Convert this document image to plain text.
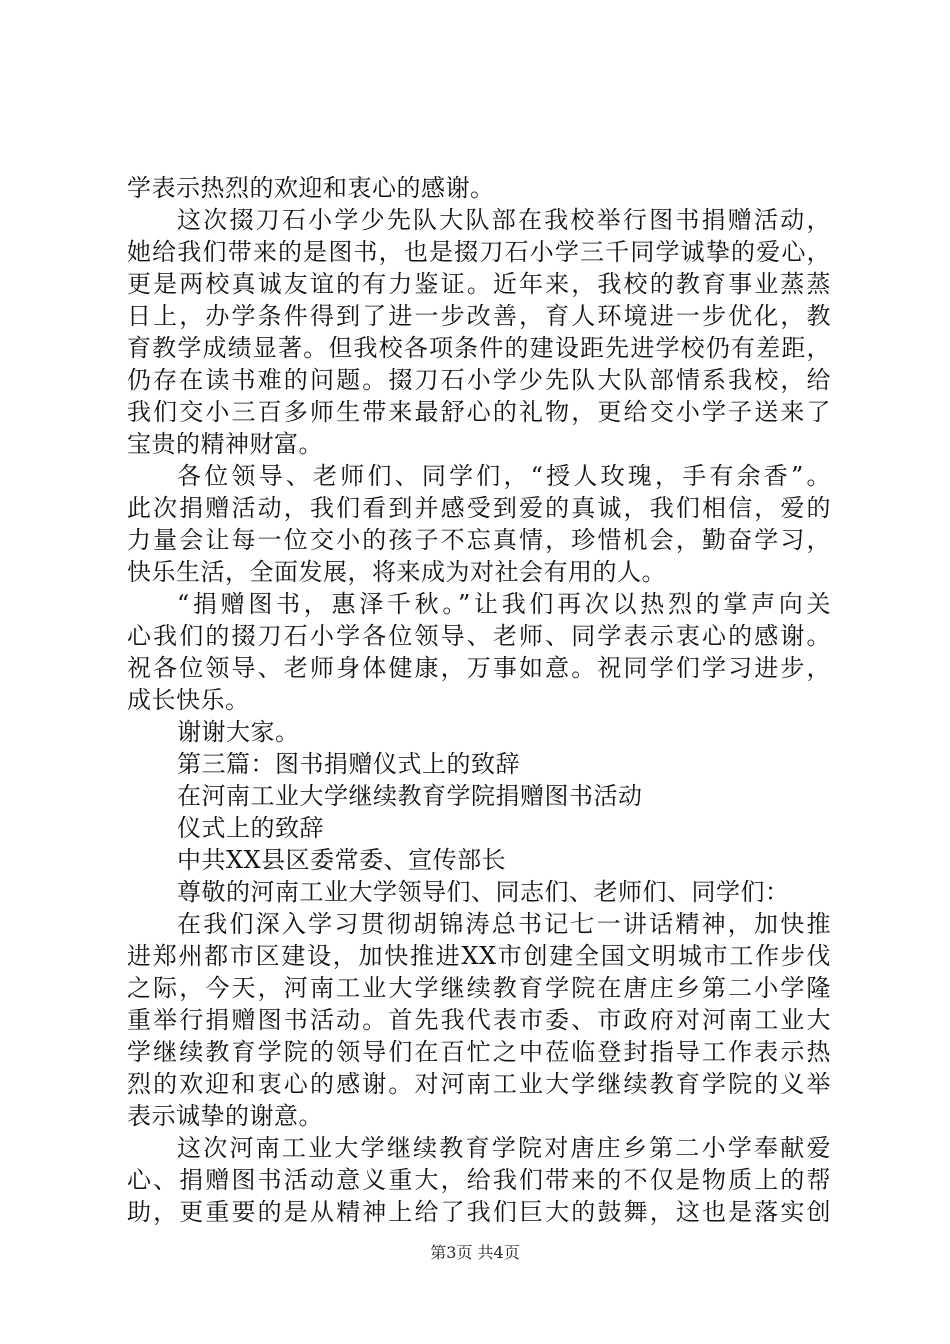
学表示热烈的欢迎和衷心的感谢。
这次掇刀石小学少先队大队部在我校举行图书捐赠活动，
她给我们带来的是图书，也是掇刀石小学三千同学诚挚的爱心，
更是两校真诚友谊的有力鉴证。近年来，我校的教育事业蒸蒸
日上，办学条件得到了进一步改善，育人环境进一步优化，教
育教学成绩显著。但我校各项条件的建设距先进学校仍有差距，
仍存在读书难的问题。掇刀石小学少先队大队部情系我校，给
我们交小三百多师生带来最舒心的礼物，更给交小学子送来了
宝贵的精神财富。
各位领导、老师们、同学们，“授人玫瑰，手有余香”。
此次捐赠活动，我们看到并感受到爱的真诚，我们相信，爱的
力量会让每一位交小的孩子不忘真情，珍惜机会，勤奋学习，
快乐生活，全面发展，将来成为对社会有用的人。
“捐赠图书，惠泽千秋。”让我们再次以热烈的掌声向关
心我们的掇刀石小学各位领导、老师、同学表示衷心的感谢。
祝各位领导、老师身体健康，万事如意。祝同学们学习进步，
成长快乐。
谢谢大家。
第三篇：图书捐赠仪式上的致辞
在河南工业大学继续教育学院捐赠图书活动
仪式上的致辞
中共XX县区委常委、宣传部长
尊敬的河南工业大学领导们、同志们、老师们、同学们：
在我们深入学习贯彻胡锦涛总书记七一讲话精神，加快推
进郑州都市区建设，加快推进XX市创建全国文明城市工作步伐
之际，今天，河南工业大学继续教育学院在唐庄乡第二小学隆
重举行捐赠图书活动。首先我代表市委、市政府对河南工业大
学继续教育学院的领导们在百忙之中莅临登封指导工作表示热
烈的欢迎和衷心的感谢。对河南工业大学继续教育学院的义举
表示诚挚的谢意。
这次河南工业大学继续教育学院对唐庄乡第二小学奉献爱
心、捐赠图书活动意义重大，给我们带来的不仅是物质上的帮
助，更重要的是从精神上给了我们巨大的鼓舞，这也是落实创
第3页 共4页
